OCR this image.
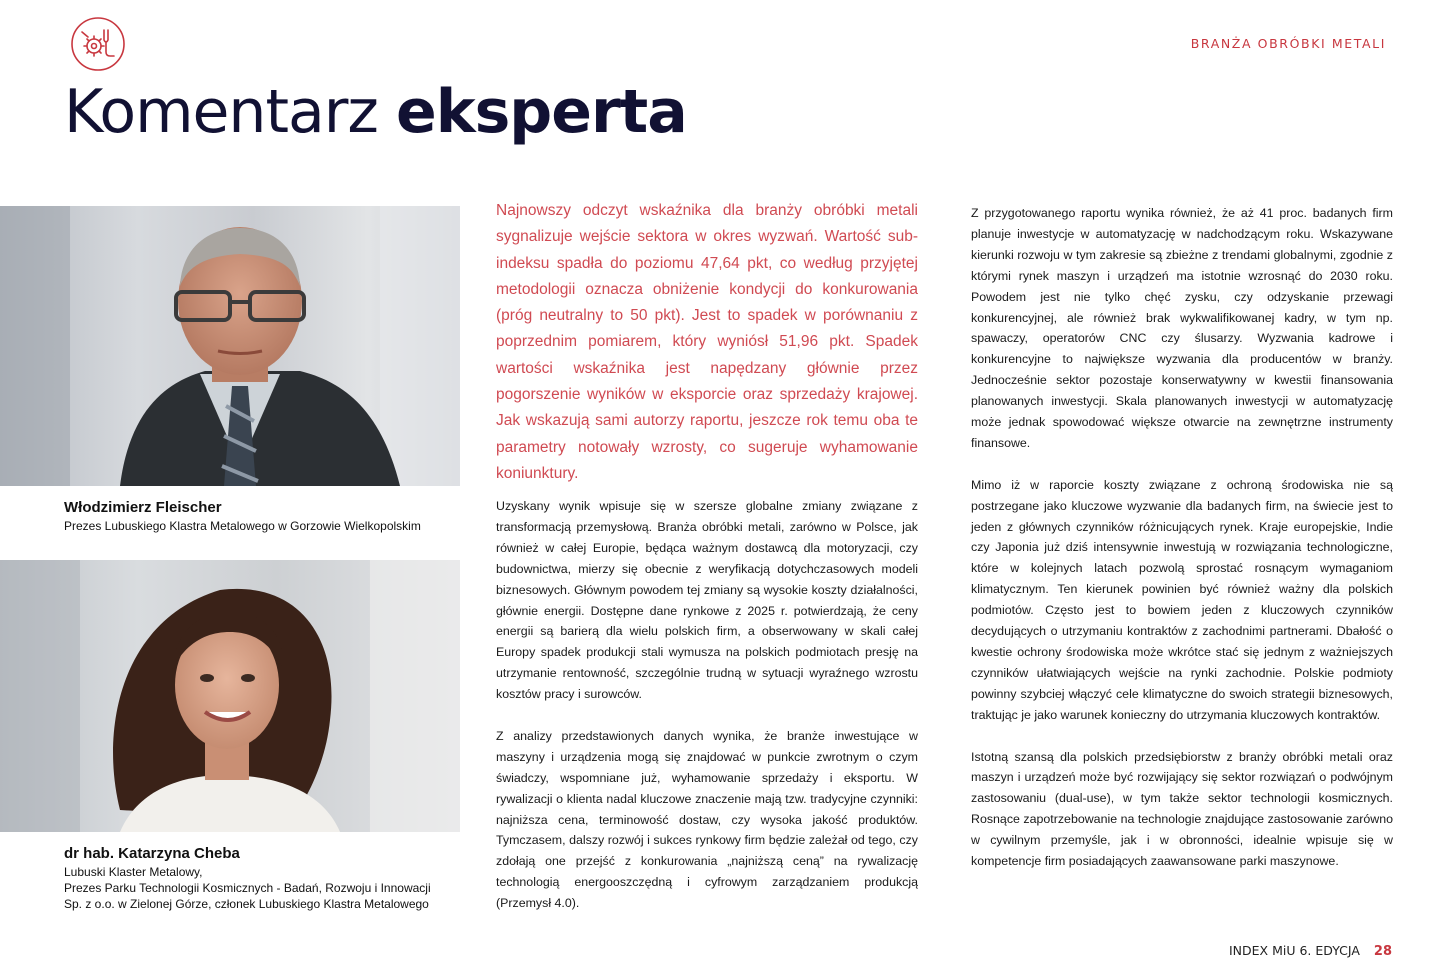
BRANŻA OBRÓBKI METALI
Komentarz eksperta
Włodzimierz Fleischer
Prezes Lubuskiego Klastra Metalowego w Gorzowie Wielkopolskim
dr hab. Katarzyna Cheba
Lubuski Klaster Metalowy,
Prezes Parku Technologii Kosmicznych - Badań, Rozwoju i Innowacji
Sp. z o.o. w Zielonej Górze, członek Lubuskiego Klastra Metalowego

Najnowszy odczyt wskaźnika dla branży obróbki metali sygnalizuje wejście sektora w okres wyzwań. Wartość sub-indeksu spadła do poziomu 47,64 pkt, co według przyjętej metodologii oznacza obniżenie kondycji do konkurowania (próg neutralny to 50 pkt). Jest to spadek w porównaniu z poprzednim pomiarem, który wyniósł 51,96 pkt. Spadek wartości wskaźnika jest napędzany głównie przez pogorszenie wyników w eksporcie oraz sprzedaży krajowej. Jak wskazują sami autorzy raportu, jeszcze rok temu oba te parametry notowały wzrosty, co sugeruje wyhamowanie koniunktury.

Uzyskany wynik wpisuje się w szersze globalne zmiany związane z transformacją przemysłową. Branża obróbki metali, zarówno w Polsce, jak również w całej Europie, będąca ważnym dostawcą dla motoryzacji, czy budownictwa, mierzy się obecnie z weryfikacją dotychczasowych modeli biznesowych. Głównym powodem tej zmiany są wysokie koszty działalności, głównie energii. Dostępne dane rynkowe z 2025 r. potwierdzają, że ceny energii są barierą dla wielu polskich firm, a obserwowany w skali całej Europy spadek produkcji stali wymusza na polskich podmiotach presję na utrzymanie rentowność, szczególnie trudną w sytuacji wyraźnego wzrostu kosztów pracy i surowców.

Z analizy przedstawionych danych wynika, że branże inwestujące w maszyny i urządzenia mogą się znajdować w punkcie zwrotnym o czym świadczy, wspomniane już, wyhamowanie sprzedaży i eksportu. W rywalizacji o klienta nadal kluczowe znaczenie mają tzw. tradycyjne czynniki: najniższa cena, terminowość dostaw, czy wysoka jakość produktów. Tymczasem, dalszy rozwój i sukces rynkowy firm będzie zależał od tego, czy zdołają one przejść z konkurowania „najniższą ceną” na rywalizację technologią energooszczędną i cyfrowym zarządzaniem produkcją (Przemysł 4.0).

Z przygotowanego raportu wynika również, że aż 41 proc. badanych firm planuje inwestycje w automatyzację w nadchodzącym roku. Wskazywane kierunki rozwoju w tym zakresie są zbieżne z trendami globalnymi, zgodnie z którymi rynek maszyn i urządzeń ma istotnie wzrosnąć do 2030 roku. Powodem jest nie tylko chęć zysku, czy odzyskanie przewagi konkurencyjnej, ale również brak wykwalifikowanej kadry, w tym np. spawaczy, operatorów CNC czy ślusarzy. Wyzwania kadrowe i konkurencyjne to największe wyzwania dla producentów w branży. Jednocześnie sektor pozostaje konserwatywny w kwestii finansowania planowanych inwestycji. Skala planowanych inwestycji w automatyzację może jednak spowodować większe otwarcie na zewnętrzne instrumenty finansowe.

Mimo iż w raporcie koszty związane z ochroną środowiska nie są postrzegane jako kluczowe wyzwanie dla badanych firm, na świecie jest to jeden z głównych czynników różnicujących rynek. Kraje europejskie, Indie czy Japonia już dziś intensywnie inwestują w rozwiązania technologiczne, które w kolejnych latach pozwolą sprostać rosnącym wymaganiom klimatycznym. Ten kierunek powinien być również ważny dla polskich podmiotów. Często jest to bowiem jeden z kluczowych czynników decydujących o utrzymaniu kontraktów z zachodnimi partnerami. Dbałość o kwestie ochrony środowiska może wkrótce stać się jednym z ważniejszych czynników ułatwiających wejście na rynki zachodnie. Polskie podmioty powinny szybciej włączyć cele klimatyczne do swoich strategii biznesowych, traktując je jako warunek konieczny do utrzymania kluczowych kontraktów.

Istotną szansą dla polskich przedsiębiorstw z branży obróbki metali oraz maszyn i urządzeń może być rozwijający się sektor rozwiązań o podwójnym zastosowaniu (dual-use), w tym także sektor technologii kosmicznych. Rosnące zapotrzebowanie na technologie znajdujące zastosowanie zarówno w cywilnym przemyśle, jak i w obronności, idealnie wpisuje się w kompetencje firm posiadających zaawansowane parki maszynowe.

INDEX MiU 6. EDYCJA 28
